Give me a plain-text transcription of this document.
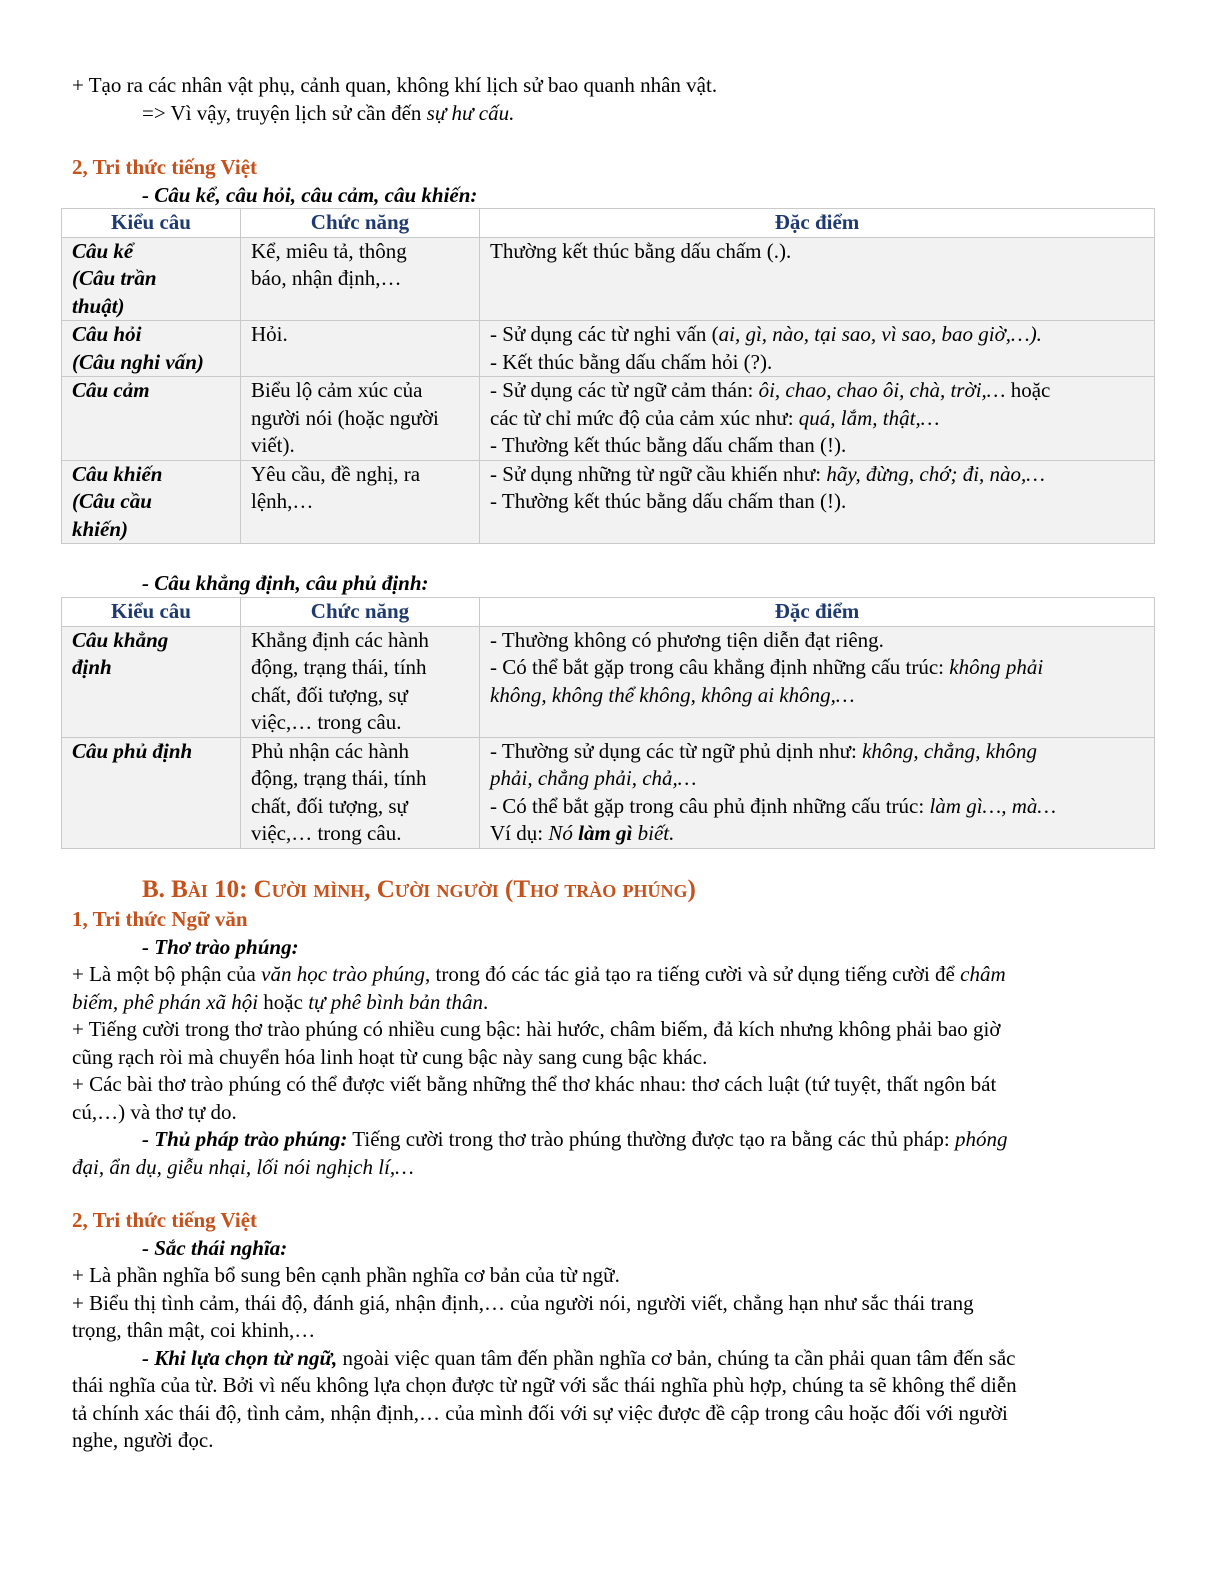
+ Tạo ra các nhân vật phụ, cảnh quan, không khí lịch sử bao quanh nhân vật.
=> Vì vậy, truyện lịch sử cần đến sự hư cấu.
2, Tri thức tiếng Việt
- Câu kể, câu hỏi, câu cảm, câu khiến:
Kiểu câu	Chức năng	Đặc điểm

Câu kể
(Câu trần
thuật)	Kể, miêu tả, thông
báo, nhận định,…	Thường kết thúc bằng dấu chấm (.).

Câu hỏi
(Câu nghi vấn)	Hỏi.	- Sử dụng các từ nghi vấn (ai, gì, nào, tại sao, vì sao, bao giờ,…).
- Kết thúc bằng dấu chấm hỏi (?).

Câu cảm	Biểu lộ cảm xúc của
người nói (hoặc người
viết).	- Sử dụng các từ ngữ cảm thán: ôi, chao, chao ôi, chà, trời,… hoặc
các từ chỉ mức độ của cảm xúc như: quá, lắm, thật,…
- Thường kết thúc bằng dấu chấm than (!).

Câu khiến
(Câu cầu
khiến)	Yêu cầu, đề nghị, ra
lệnh,…	- Sử dụng những từ ngữ cầu khiến như: hãy, đừng, chớ; đi, nào,…
- Thường kết thúc bằng dấu chấm than (!).
- Câu khẳng định, câu phủ định:
Kiểu câu	Chức năng	Đặc điểm

Câu khẳng
định	Khẳng định các hành
động, trạng thái, tính
chất, đối tượng, sự
việc,… trong câu.	- Thường không có phương tiện diễn đạt riêng.
- Có thể bắt gặp trong câu khẳng định những cấu trúc: không phải
không, không thể không, không ai không,…

Câu phủ định	Phủ nhận các hành
động, trạng thái, tính
chất, đối tượng, sự
việc,… trong câu.	- Thường sử dụng các từ ngữ phủ dịnh như: không, chẳng, không
phải, chẳng phải, chả,…
- Có thể bắt gặp trong câu phủ định những cấu trúc: làm gì…, mà…
Ví dụ: Nó làm gì biết.
B. Bài 10: Cười mình, Cười người (Thơ trào phúng)
1, Tri thức Ngữ văn
- Thơ trào phúng:
+ Là một bộ phận của văn học trào phúng, trong đó các tác giả tạo ra tiếng cười và sử dụng tiếng cười để châm
biếm, phê phán xã hội hoặc tự phê bình bản thân.
+ Tiếng cười trong thơ trào phúng có nhiều cung bậc: hài hước, châm biếm, đả kích nhưng không phải bao giờ
cũng rạch ròi mà chuyển hóa linh hoạt từ cung bậc này sang cung bậc khác.
+ Các bài thơ trào phúng có thể được viết bằng những thể thơ khác nhau: thơ cách luật (tứ tuyệt, thất ngôn bát
cú,…) và thơ tự do.
- Thủ pháp trào phúng: Tiếng cười trong thơ trào phúng thường được tạo ra bằng các thủ pháp: phóng
đại, ẩn dụ, giễu nhại, lối nói nghịch lí,…
2, Tri thức tiếng Việt
- Sắc thái nghĩa:
+ Là phần nghĩa bổ sung bên cạnh phần nghĩa cơ bản của từ ngữ.
+ Biểu thị tình cảm, thái độ, đánh giá, nhận định,… của người nói, người viết, chẳng hạn như sắc thái trang
trọng, thân mật, coi khinh,…
- Khi lựa chọn từ ngữ, ngoài việc quan tâm đến phần nghĩa cơ bản, chúng ta cần phải quan tâm đến sắc
thái nghĩa của từ. Bởi vì nếu không lựa chọn được từ ngữ với sắc thái nghĩa phù hợp, chúng ta sẽ không thể diễn
tả chính xác thái độ, tình cảm, nhận định,… của mình đối với sự việc được đề cập trong câu hoặc đối với người
nghe, người đọc.
